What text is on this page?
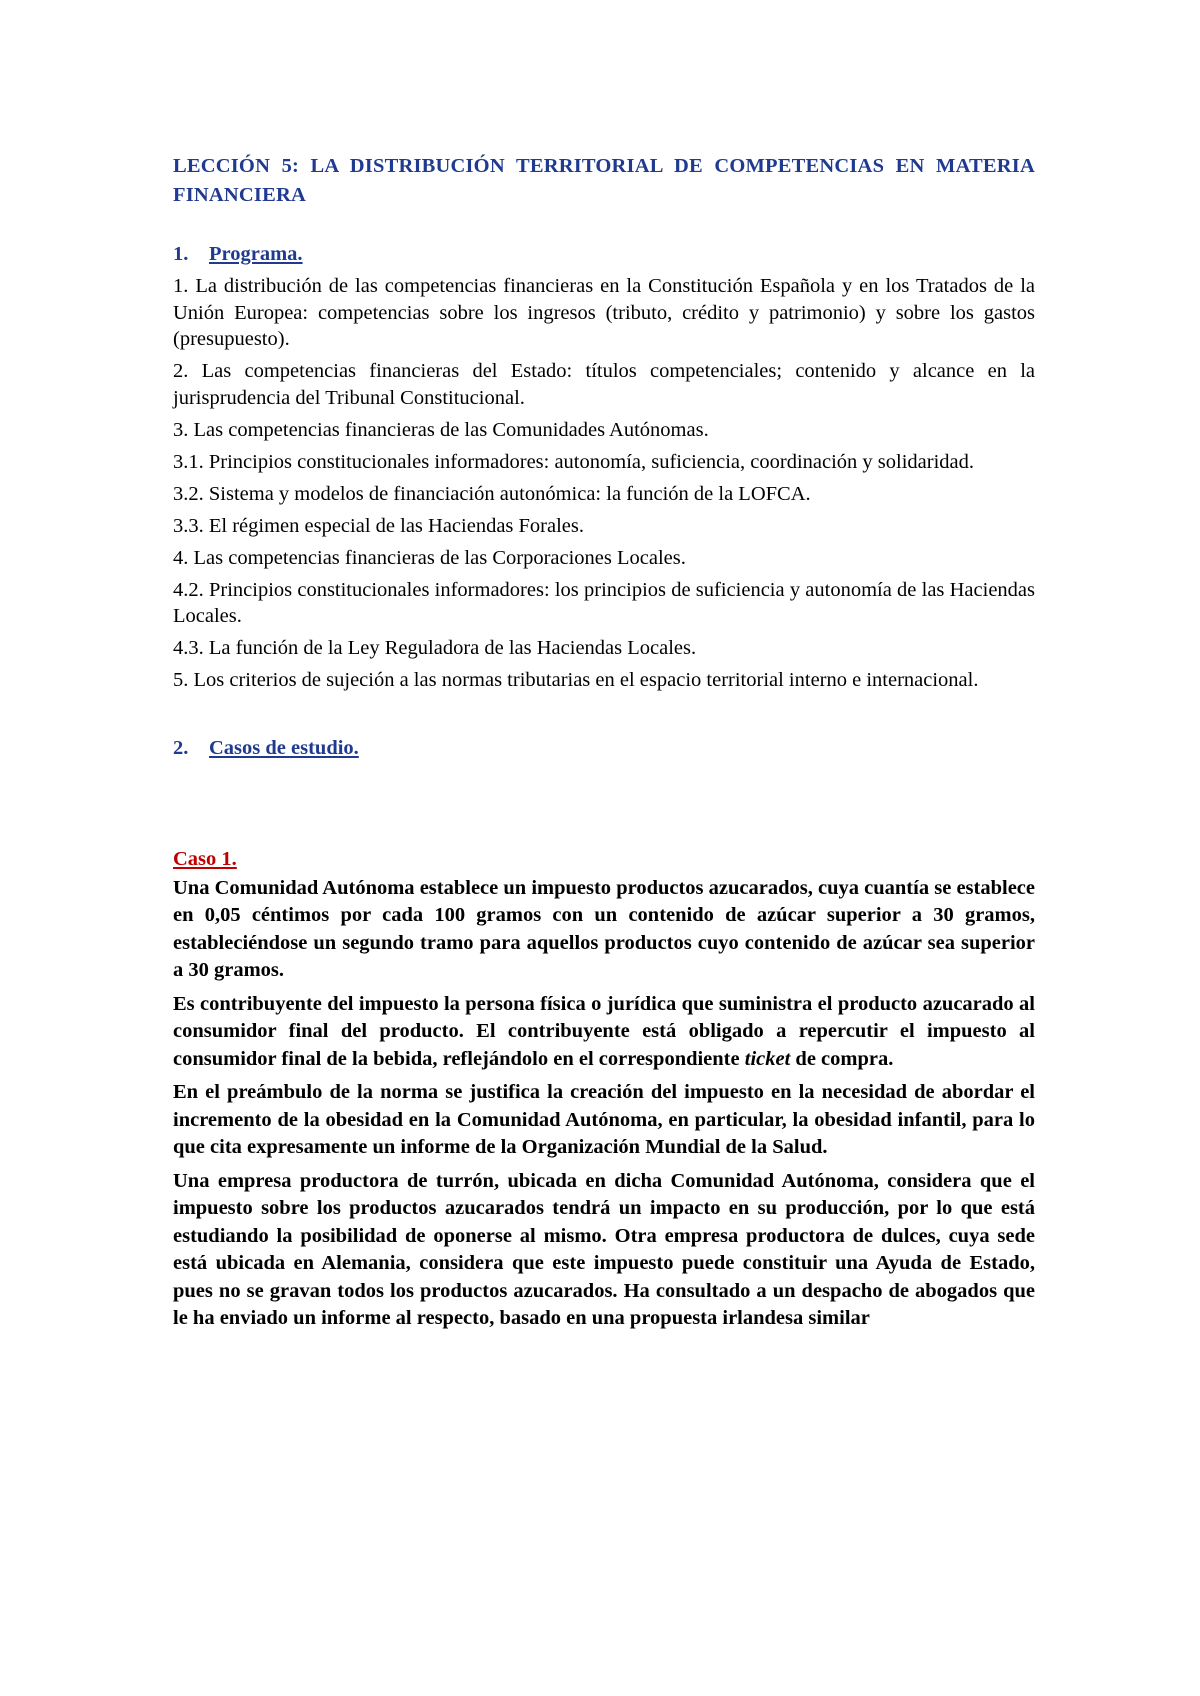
LECCIÓN 5: LA DISTRIBUCIÓN TERRITORIAL DE COMPETENCIAS EN MATERIA FINANCIERA
1. Programa.

1. La distribución de las competencias financieras en la Constitución Española y en los Tratados de la Unión Europea: competencias sobre los ingresos (tributo, crédito y patrimonio) y sobre los gastos (presupuesto).

2. Las competencias financieras del Estado: títulos competenciales; contenido y alcance en la jurisprudencia del Tribunal Constitucional.

3. Las competencias financieras de las Comunidades Autónomas.

3.1. Principios constitucionales informadores: autonomía, suficiencia, coordinación y solidaridad.

3.2. Sistema y modelos de financiación autonómica: la función de la LOFCA.

3.3. El régimen especial de las Haciendas Forales.

4. Las competencias financieras de las Corporaciones Locales.

4.2. Principios constitucionales informadores: los principios de suficiencia y autonomía de las Haciendas Locales.

4.3. La función de la Ley Reguladora de las Haciendas Locales.

5. Los criterios de sujeción a las normas tributarias en el espacio territorial interno e internacional.

2. Casos de estudio.
Caso 1.

Una Comunidad Autónoma establece un impuesto productos azucarados, cuya cuantía se establece en 0,05 céntimos por cada 100 gramos con un contenido de azúcar superior a 30 gramos, estableciéndose un segundo tramo para aquellos productos cuyo contenido de azúcar sea superior a 30 gramos.

Es contribuyente del impuesto la persona física o jurídica que suministra el producto azucarado al consumidor final del producto. El contribuyente está obligado a repercutir el impuesto al consumidor final de la bebida, reflejándolo en el correspondiente ticket de compra.

En el preámbulo de la norma se justifica la creación del impuesto en la necesidad de abordar el incremento de la obesidad en la Comunidad Autónoma, en particular, la obesidad infantil, para lo que cita expresamente un informe de la Organización Mundial de la Salud.

Una empresa productora de turrón, ubicada en dicha Comunidad Autónoma, considera que el impuesto sobre los productos azucarados tendrá un impacto en su producción, por lo que está estudiando la posibilidad de oponerse al mismo. Otra empresa productora de dulces, cuya sede está ubicada en Alemania, considera que este impuesto puede constituir una Ayuda de Estado, pues no se gravan todos los productos azucarados. Ha consultado a un despacho de abogados que le ha enviado un informe al respecto, basado en una propuesta irlandesa similar
